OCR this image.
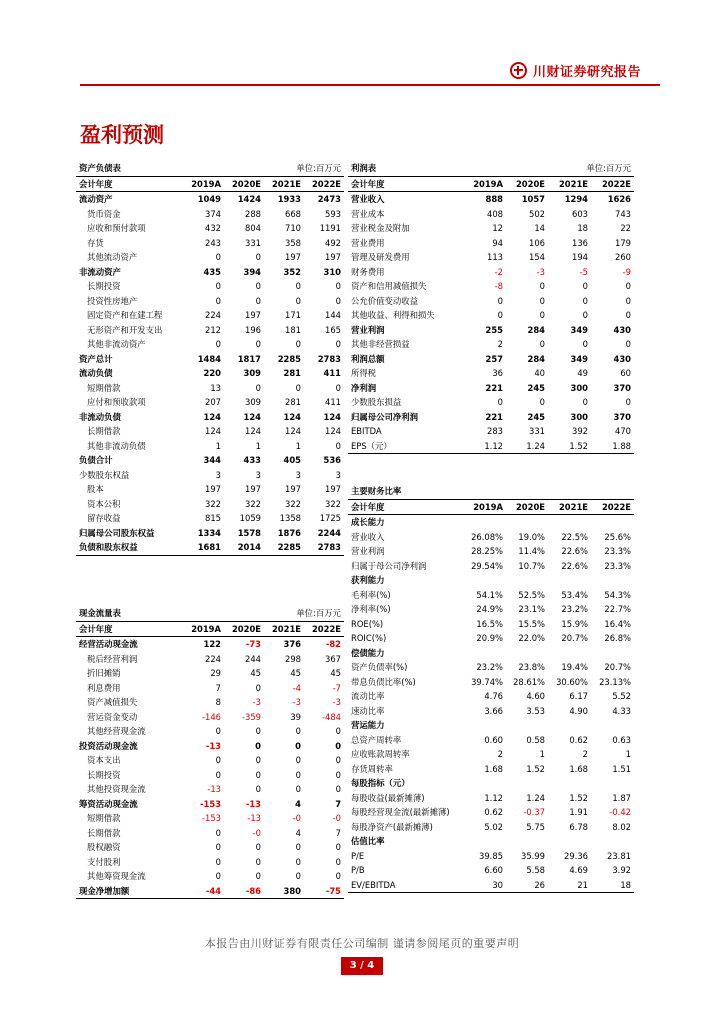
川财证券研究报告
盈利预测
资产负债表			单位:百万元	
会计年度	2019A	2020E	2021E	2022E
流动资产	1049	1424	1933	2473
货币资金	374	288	668	593
应收和预付款项	432	804	710	1191
存货	243	331	358	492
其他流动资产	0	0	197	197
非流动资产	435	394	352	310
长期投资	0	0	0	0
投资性房地产	0	0	0	0
固定资产和在建工程	224	197	171	144
无形资产和开发支出	212	196	181	165
其他非流动资产	0	0	0	0
资产总计	1484	1817	2285	2783
流动负债	220	309	281	411
短期借款	13	0	0	0
应付和预收款项	207	309	281	411
非流动负债	124	124	124	124
长期借款	124	124	124	124
其他非流动负债	1	1	1	0
负债合计	344	433	405	536
少数股东权益	3	3	3	3
股本	197	197	197	197
资本公积	322	322	322	322
留存收益	815	1059	1358	1725
归属母公司股东权益	1334	1578	1876	2244
负债和股东权益	1681	2014	2285	2783
利润表			单位:百万元	
会计年度	2019A	2020E	2021E	2022E
营业收入	888	1057	1294	1626
营业成本	408	502	603	743
营业税金及附加	12	14	18	22
营业费用	94	106	136	179
管理及研发费用	113	154	194	260
财务费用	-2	-3	-5	-9
资产和信用减值损失	-8	0	0	0
公允价值变动收益	0	0	0	0
其他收益、利得和损失	0	0	0	0
营业利润	255	284	349	430
其他非经营损益	2	0	0	0
利润总额	257	284	349	430
所得税	36	40	49	60
净利润	221	245	300	370
少数股东损益	0	0	0	0
归属母公司净利润	221	245	300	370
EBITDA	283	331	392	470
EPS（元）	1.12	1.24	1.52	1.88
主要财务比率				
会计年度	2019A	2020E	2021E	2022E
成长能力				
营业收入	26.08%	19.0%	22.5%	25.6%
营业利润	28.25%	11.4%	22.6%	23.3%
归属于母公司净利润	29.54%	10.7%	22.6%	23.3%
获利能力				
毛利率(%)	54.1%	52.5%	53.4%	54.3%
净利率(%)	24.9%	23.1%	23.2%	22.7%
ROE(%)	16.5%	15.5%	15.9%	16.4%
ROIC(%)	20.9%	22.0%	20.7%	26.8%
偿债能力				
资产负债率(%)	23.2%	23.8%	19.4%	20.7%
带息负债比率(%)	39.74%	28.61%	30.60%	23.13%
流动比率	4.76	4.60	6.17	5.52
速动比率	3.66	3.53	4.90	4.33
营运能力				
总资产周转率	0.60	0.58	0.62	0.63
应收账款周转率	2	1	2	1
存货周转率	1.68	1.52	1.68	1.51
每股指标（元）				
每股收益(最新摊薄)	1.12	1.24	1.52	1.87
每股经营现金流(最新摊薄)	0.62	-0.37	1.91	-0.42
每股净资产(最新摊薄)	5.02	5.75	6.78	8.02
估值比率				
P/E	39.85	35.99	29.36	23.81
P/B	6.60	5.58	4.69	3.92
EV/EBITDA	30	26	21	18
现金流量表			单位:百万元	
会计年度	2019A	2020E	2021E	2022E
经营活动现金流	122	-73	376	-82
税后经营利润	224	244	298	367
折旧摊销	29	45	45	45
利息费用	7	0	-4	-7
资产减值损失	8	-3	-3	-3
营运资金变动	-146	-359	39	-484
其他经营现金流	0	0	0	0
投资活动现金流	-13	0	0	0
资本支出	0	0	0	0
长期投资	0	0	0	0
其他投资现金流	-13	0	0	0
筹资活动现金流	-153	-13	4	7
短期借款	-153	-13	-0	-0
长期借款	0	-0	4	7
股权融资	0	0	0	0
支付股利	0	0	0	0
其他筹资现金流	0	0	0	0
现金净增加额	-44	-86	380	-75
本报告由川财证券有限责任公司编制 谨请参阅尾页的重要声明
3 / 4
